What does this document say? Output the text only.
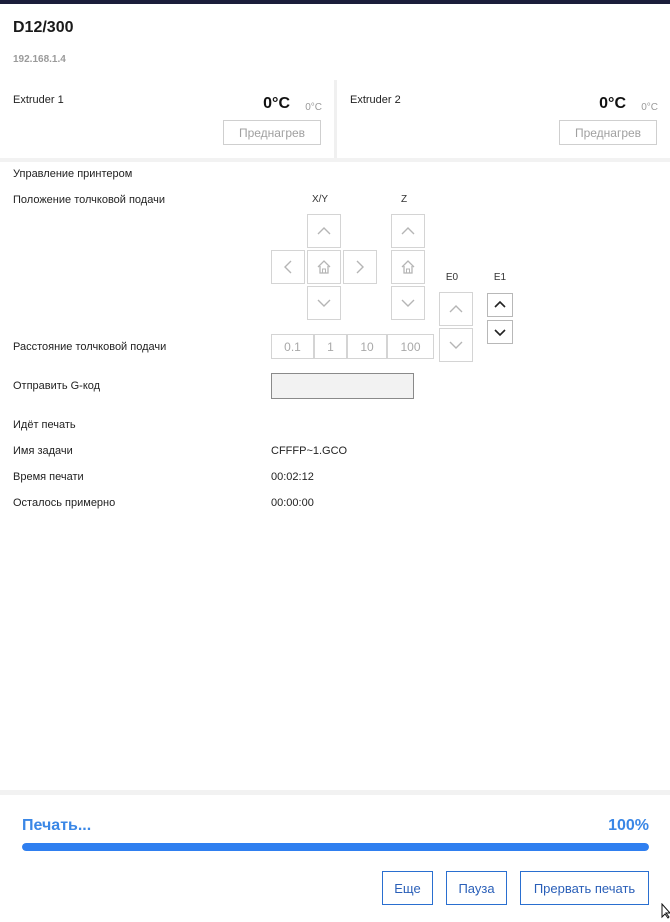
D12/300
192.168.1.4
Extruder 1	0°C 0°C
Преднагрев
Extruder 2	0°C 0°C
Преднагрев
Управление принтером
Положение толчковой подачи	X/Y	Z
E0	E1
Расстояние толчковой подачи	0.1	1	10	100
Отправить G-код
Идёт печать
Имя задачи	CFFFP~1.GCO
Время печати	00:02:12
Осталось примерно	00:00:00
Печать...	100%
Еще	Пауза	Прервать печать
